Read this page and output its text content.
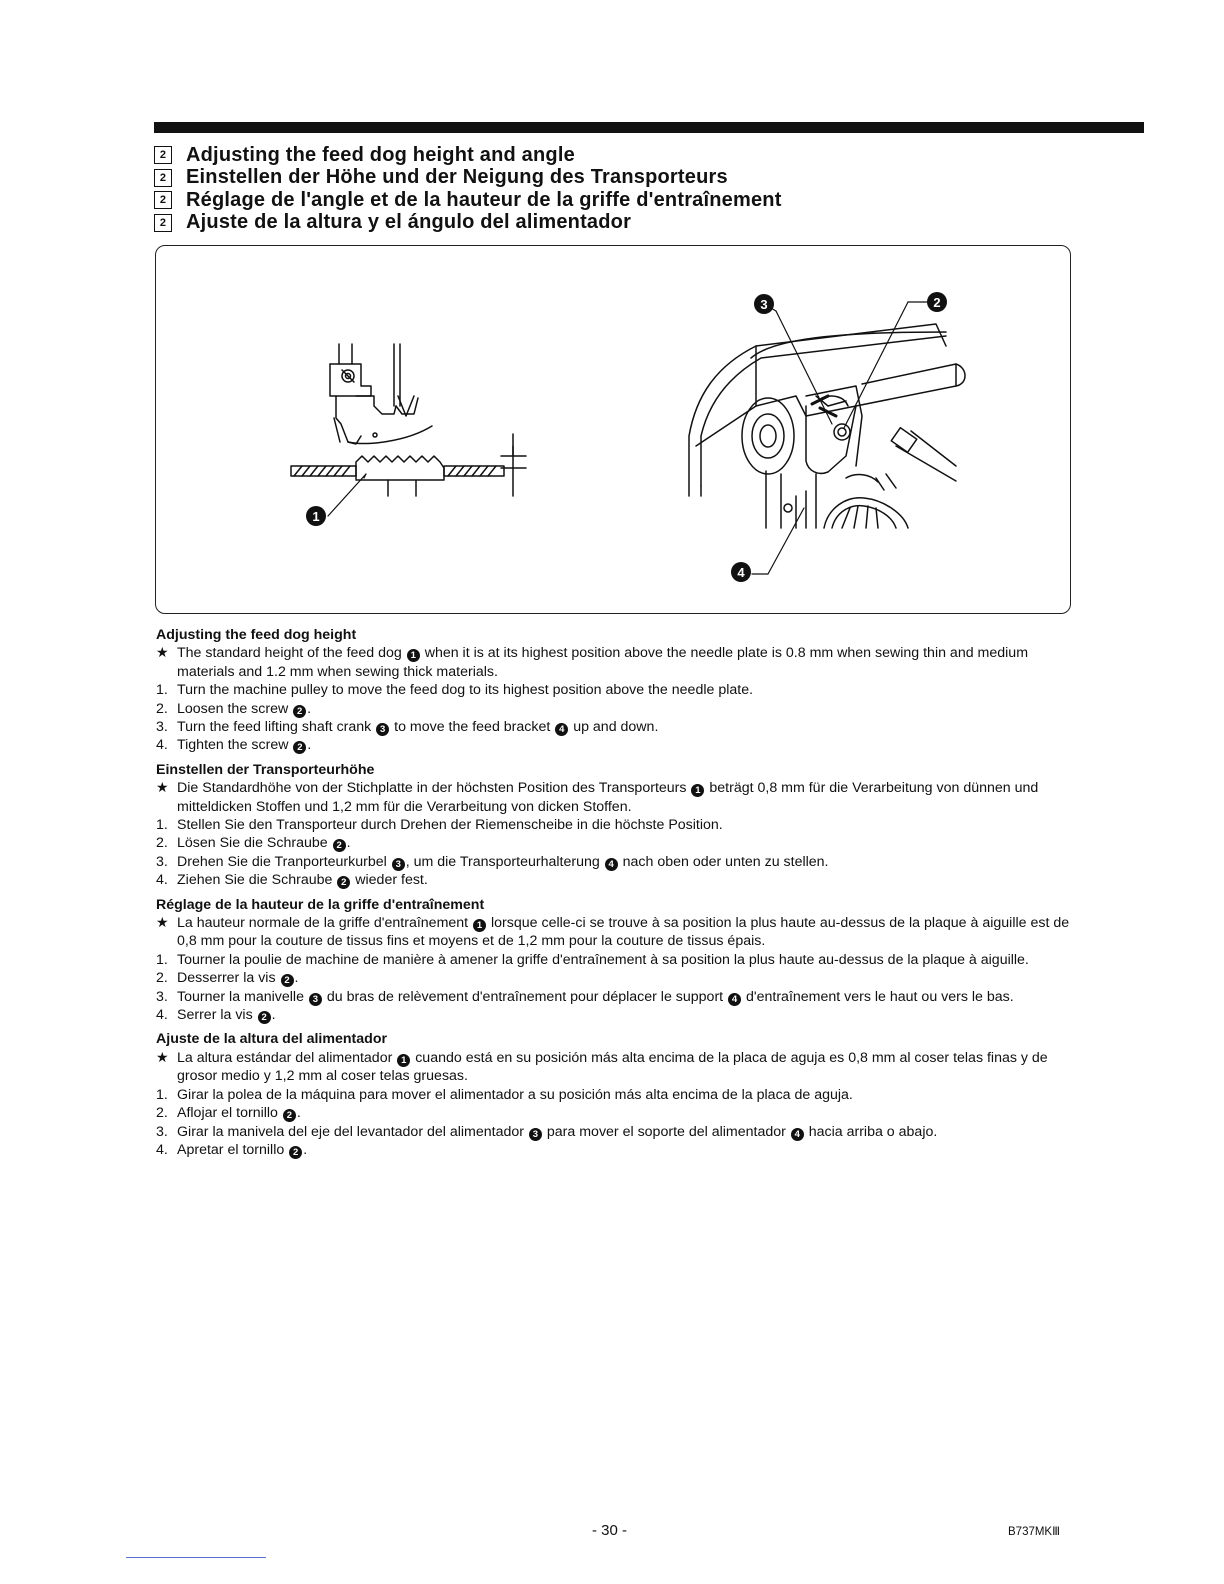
2 Adjusting the feed dog height and angle
2 Einstellen der Höhe und der Neigung des Transporteurs
2 Réglage de l'angle et de la hauteur de la griffe d'entraînement
2 Ajuste de la altura y el ángulo del alimentador
1
2
3
4
Adjusting the feed dog height
★ The standard height of the feed dog 1 when it is at its highest position above the needle plate is 0.8 mm when sewing thin and medium materials and 1.2 mm when sewing thick materials.
1. Turn the machine pulley to move the feed dog to its highest position above the needle plate.
2. Loosen the screw 2 .
3. Turn the feed lifting shaft crank 3 to move the feed bracket 4 up and down.
4. Tighten the screw 2 .
Einstellen der Transporteurhöhe
★ Die Standardhöhe von der Stichplatte in der höchsten Position des Transporteurs 1 beträgt 0,8 mm für die Verarbeitung von dünnen und mitteldicken Stoffen und 1,2 mm für die Verarbeitung von dicken Stoffen.
1. Stellen Sie den Transporteur durch Drehen der Riemenscheibe in die höchste Position.
2. Lösen Sie die Schraube 2 .
3. Drehen Sie die Tranporteurkurbel 3 , um die Transporteurhalterung 4 nach oben oder unten zu stellen.
4. Ziehen Sie die Schraube 2 wieder fest.
Réglage de la hauteur de la griffe d'entraînement
★ La hauteur normale de la griffe d'entraînement 1 lorsque celle-ci se trouve à sa position la plus haute au-dessus de la plaque à aiguille est de 0,8 mm pour la couture de tissus fins et moyens et de 1,2 mm pour la couture de tissus épais.
1. Tourner la poulie de machine de manière à amener la griffe d'entraînement à sa position la plus haute au-dessus de la plaque à aiguille.
2. Desserrer la vis 2 .
3. Tourner la manivelle 3 du bras de relèvement d'entraînement pour déplacer le support 4 d'entraînement vers le haut ou vers le bas.
4. Serrer la vis 2 .
Ajuste de la altura del alimentador
★ La altura estándar del alimentador 1 cuando está en su posición más alta encima de la placa de aguja es 0,8 mm al coser telas finas y de grosor medio y 1,2 mm al coser telas gruesas.
1. Girar la polea de la máquina para mover el alimentador a su posición más alta encima de la placa de aguja.
2. Aflojar el tornillo 2 .
3. Girar la manivela del eje del levantador del alimentador 3 para mover el soporte del alimentador 4 hacia arriba o abajo.
4. Apretar el tornillo 2 .
- 30 -	B737MKⅢ
